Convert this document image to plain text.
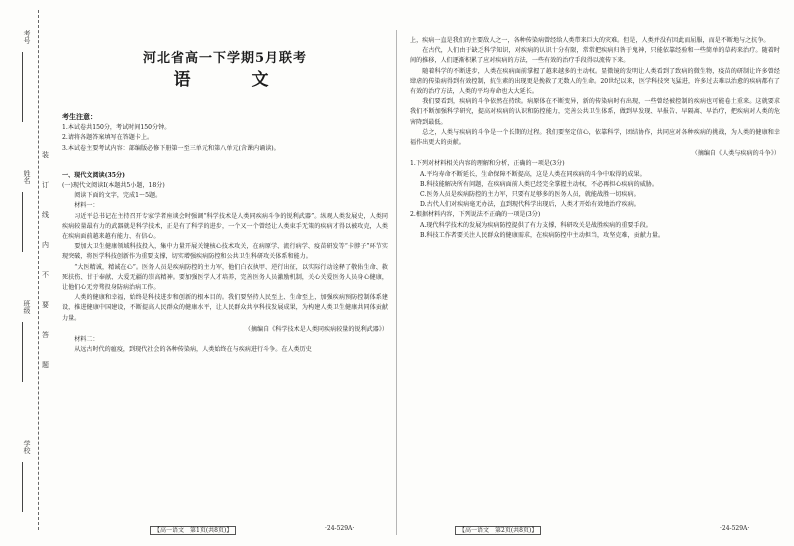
考号
姓名
班级
学校
装
订
线
内
不
要
答
题
河北省高一下学期5月联考
语　文
考生注意：

1.本试卷共150分，考试时间150分钟。

2.请将各题答案填写在答题卡上。

3.本试卷主要考试内容：部编版必修下册第一至三单元和第八单元(含课内诵读)。

一、现代文阅读(35分)

(一)现代文阅读Ⅰ(本题共5小题，18分)

阅读下面的文字，完成1～5题。

材料一：

习近平总书记在主持召开专家学者座谈会时强调“科学技术是人类同疾病斗争的锐利武器”。纵观人类发展史，人类同疾病较量最有力的武器就是科学技术，正是有了科学的进步，一个又一个曾经让人类束手无策的疾病才得以被攻克，人类在疾病面前越来越有能力、有信心。

要加大卫生健康领域科技投入，集中力量开展关键核心技术攻关，在病原学、流行病学、疫苗研发等“卡脖子”环节实现突破，将医学科技创新作为重要支撑，切实增强疾病防控和公共卫生科研攻关体系和能力。

“大医精诚，精诚在心”。医务人员是疾病防控的主力军，他们白衣执甲、逆行出征，以实际行动诠释了敬佑生命、救死扶伤、甘于奉献、大爱无疆的崇高精神。要加强医学人才培养，完善医务人员激励机制，关心关爱医务人员身心健康，让他们心无旁骛投身防病治病工作。

人类的健康和幸福，始终是科技进步和创新的根本目的。我们要坚持人民至上、生命至上，加强疾病预防控制体系建设，推进健康中国建设，不断提高人民群众的健康水平，让人民群众共享科技发展成果，为构建人类卫生健康共同体贡献力量。

（摘编自《科学技术是人类同疾病较量的锐利武器》）

材料二：

从远古时代的瘟疫，到现代社会的各种传染病，人类始终在与疾病进行斗争。在人类历史

上，疾病一直是我们的主要敌人之一，各种传染病曾经给人类带来巨大的灾难。但是，人类并没有因此而屈服，而是不断地与之抗争。

在古代，人们由于缺乏科学知识，对疾病的认识十分有限，常常把疾病归咎于鬼神，只能依靠经验和一些简单的草药来治疗。随着时间的推移，人们逐渐积累了应对疾病的方法，一些有效的治疗手段得以流传下来。

随着科学的不断进步，人类在疾病面前掌握了越来越多的主动权。显微镜的发明让人类看到了致病的微生物，疫苗的研制让许多曾经肆虐的传染病得到有效控制，抗生素的出现更是挽救了无数人的生命。20世纪以来，医学科技突飞猛进，许多过去难以治愈的疾病都有了有效的治疗方法，人类的平均寿命也大大延长。

我们要看到，疾病的斗争依然在持续。病原体在不断变异，新的传染病时有出现，一些曾经被控制的疾病也可能卷土重来。这就要求我们不断加强科学研究，提高对疾病的认识和防控能力，完善公共卫生体系，做到早发现、早报告、早隔离、早治疗，把疾病对人类的危害降到最低。

总之，人类与疾病的斗争是一个长期的过程。我们要坚定信心，依靠科学，团结协作，共同应对各种疾病的挑战，为人类的健康和幸福作出更大的贡献。

（摘编自《人类与疾病的斗争》）

1.下列对材料相关内容的理解和分析，正确的一项是(3分)

A.平均寿命不断延长，生命保障不断提高，这是人类在同疾病的斗争中取得的成果。

B.科技能解决所有问题，在疾病面前人类已经完全掌握主动权，不必再担心疾病的威胁。

C.医务人员是疾病防控的主力军，只要有足够多的医务人员，就能战胜一切疾病。

D.古代人们对疾病毫无办法，直到现代科学出现后，人类才开始有效地治疗疾病。

2.根据材料内容，下列说法不正确的一项是(3分)

A.现代科学技术的发展为疾病防控提供了有力支撑，科研攻关是战胜疾病的重要手段。

B.科技工作者要关注人民群众的健康需求，在疾病防控中主动担当，攻坚克难，贡献力量。

【高一语文　第1页(共8页)】	·24-529A·	【高一语文　第2页(共8页)】	·24-529A·
